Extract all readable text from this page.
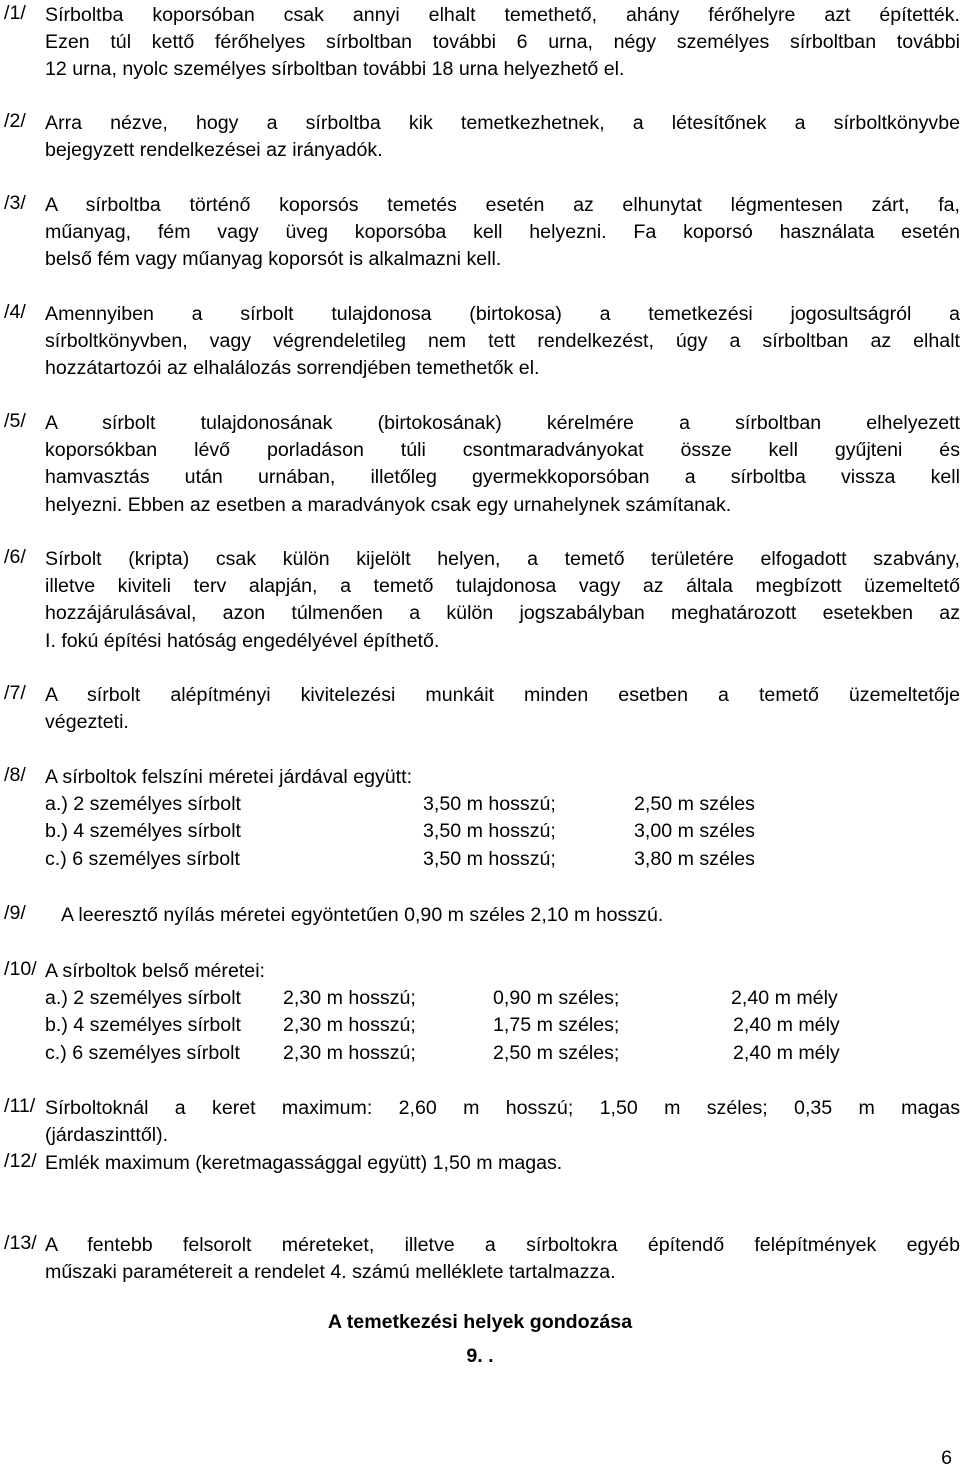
/1/ Sírboltba koporsóban csak annyi elhalt temethető, ahány férőhelyre azt építették.
Ezen túl kettő férőhelyes sírboltban további 6 urna, négy személyes sírboltban további
12 urna, nyolc személyes sírboltban további 18 urna helyezhető el.
/2/ Arra nézve, hogy a sírboltba kik temetkezhetnek, a létesítőnek a sírboltkönyvbe
bejegyzett rendelkezései az irányadók.
/3/ A sírboltba történő koporsós temetés esetén az elhunytat légmentesen zárt, fa,
műanyag, fém vagy üveg koporsóba kell helyezni. Fa koporsó használata esetén
belső fém vagy műanyag koporsót is alkalmazni kell.
/4/ Amennyiben a sírbolt tulajdonosa (birtokosa) a temetkezési jogosultságról a
sírboltkönyvben, vagy végrendeletileg nem tett rendelkezést, úgy a sírboltban az elhalt
hozzátartozói az elhalálozás sorrendjében temethetők el.
/5/ A sírbolt tulajdonosának (birtokosának) kérelmére a sírboltban elhelyezett
koporsókban lévő porladáson túli csontmaradványokat össze kell gyűjteni és
hamvasztás után urnában, illetőleg gyermekkoporsóban a sírboltba vissza kell
helyezni. Ebben az esetben a maradványok csak egy urnahelynek számítanak.
/6/ Sírbolt (kripta) csak külön kijelölt helyen, a temető területére elfogadott szabvány,
illetve kiviteli terv alapján, a temető tulajdonosa vagy az általa megbízott üzemeltető
hozzájárulásával, azon túlmenően a külön jogszabályban meghatározott esetekben az
I. fokú építési hatóság engedélyével építhető.
/7/ A sírbolt alépítményi kivitelezési munkáit minden esetben a temető üzemeltetője
végezteti.
/8/ A sírboltok felszíni méretei járdával együtt:
a.) 2 személyes sírbolt	3,50 m hosszú;	2,50 m széles
b.) 4 személyes sírbolt	3,50 m hosszú;	3,00 m széles
c.) 6 személyes sírbolt	3,50 m hosszú;	3,80 m széles
/9/ A leeresztő nyílás méretei egyöntetűen 0,90 m széles 2,10 m hosszú.
/10/ A sírboltok belső méretei:
a.) 2 személyes sírbolt 2,30 m hosszú;	0,90 m széles;	2,40 m mély
b.) 4 személyes sírbolt 2,30 m hosszú;	1,75 m széles;	2,40 m mély
c.) 6 személyes sírbolt 2,30 m hosszú;	2,50 m széles;	2,40 m mély
/11/ Sírboltoknál a keret maximum: 2,60 m hosszú; 1,50 m széles; 0,35 m magas
(járdaszinttől).
/12/ Emlék maximum (keretmagassággal együtt) 1,50 m magas.
/13/ A fentebb felsorolt méreteket, illetve a sírboltokra építendő felépítmények egyéb
műszaki paramétereit a rendelet 4. számú melléklete tartalmazza.
A temetkezési helyek gondozása
9. .
6
